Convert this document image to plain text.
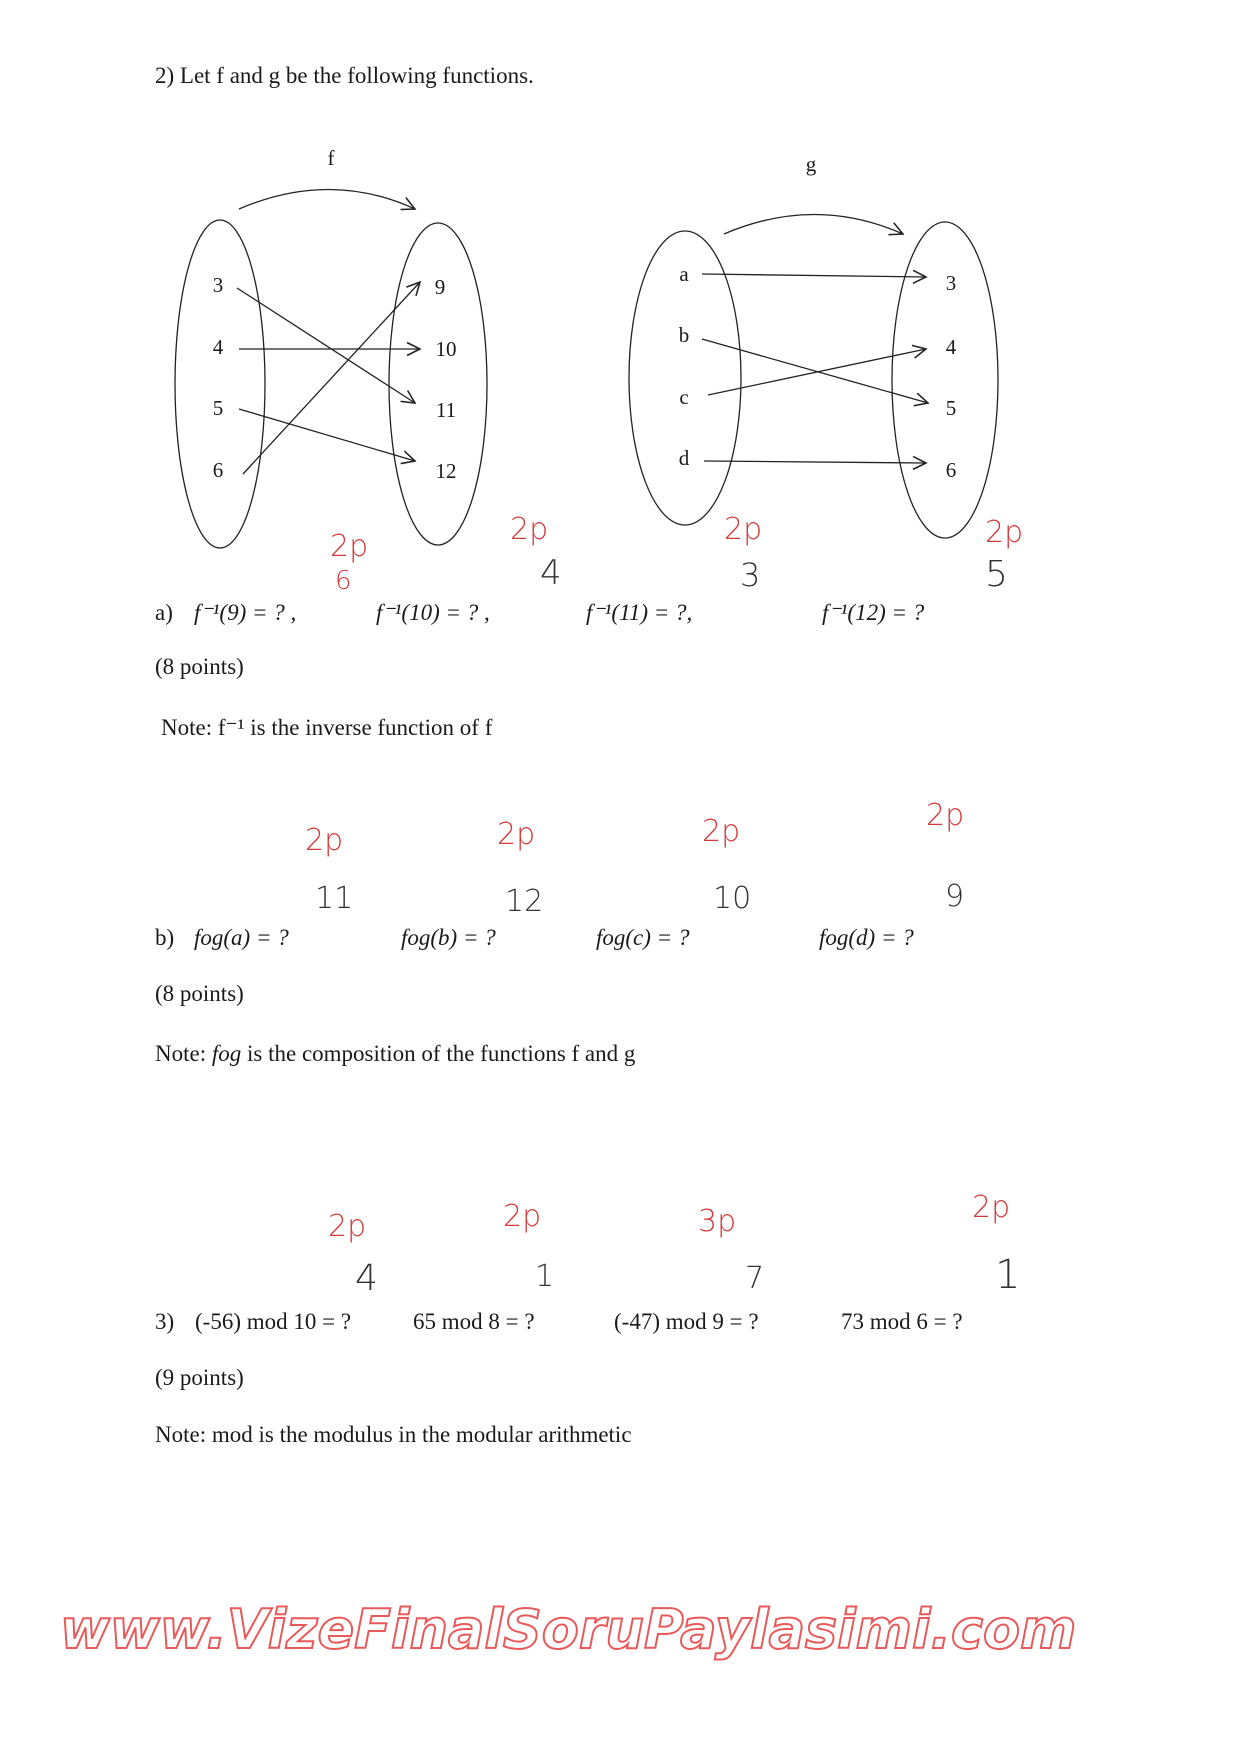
2) Let f and g be the following functions.
f
3
4
5
6
9
10
11
12
g
a
b
c
d
3
4
5
6
2p	2p	2p	2p
a) f⁻¹(9) = ? ,	f⁻¹(10) = ? ,	f⁻¹(11) = ?,	f⁻¹(12) = ?
6	4	3	5
(8 points)
Note: f⁻¹ is the inverse function of f
2p	2p	2p	2p
11	12	10	9
b) fog(a) = ?	fog(b) = ?	fog(c) = ?	fog(d) = ?
(8 points)
Note: fog is the composition of the functions f and g
2p	2p	3p	2p
4	1	7	1
3) (-56) mod 10 = ?	65 mod 8 = ?	(-47) mod 9 = ?	73 mod 6 = ?
(9 points)
Note: mod is the modulus in the modular arithmetic
www.VizeFinalSoruPaylasimi.com
